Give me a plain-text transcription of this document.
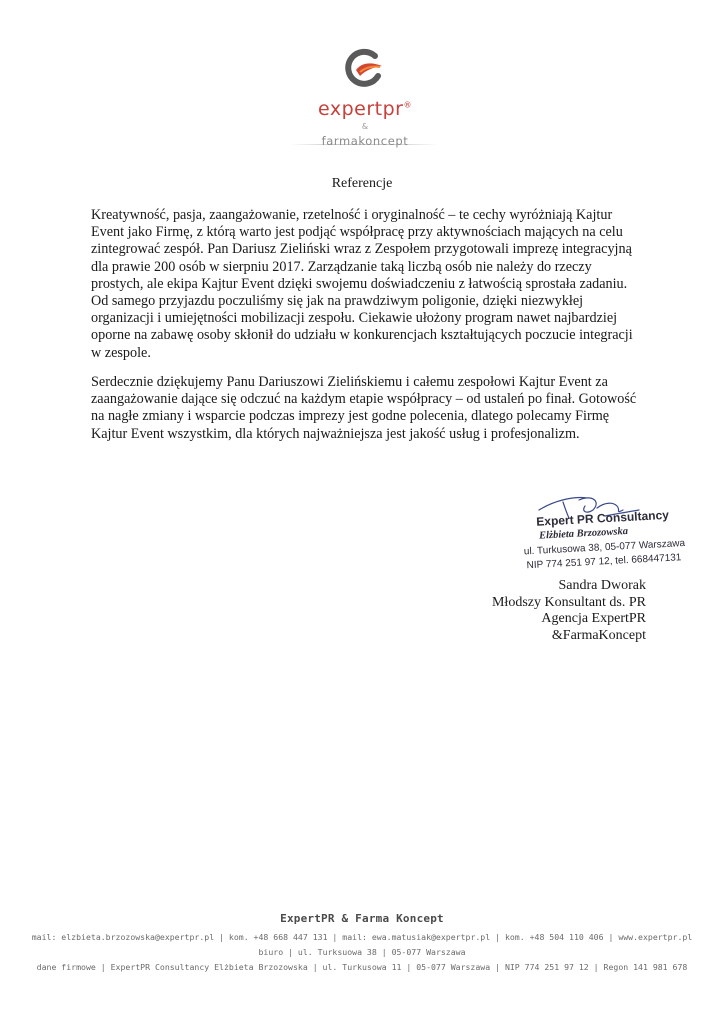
expertpr®
&
farmakoncept
Referencje

Kreatywność, pasja, zaangażowanie, rzetelność i oryginalność – te cechy wyróżniają Kajtur Event jako Firmę, z którą warto jest podjąć współpracę przy aktywnościach mających na celu zintegrować zespół. Pan Dariusz Zieliński wraz z Zespołem przygotowali imprezę integracyjną dla prawie 200 osób w sierpniu 2017. Zarządzanie taką liczbą osób nie należy do rzeczy prostych, ale ekipa Kajtur Event dzięki swojemu doświadczeniu z łatwością sprostała zadaniu. Od samego przyjazdu poczuliśmy się jak na prawdziwym poligonie, dzięki niezwykłej organizacji i umiejętności mobilizacji zespołu. Ciekawie ułożony program nawet najbardziej oporne na zabawę osoby skłonił do udziału w konkurencjach kształtujących poczucie integracji w zespole.

Serdecznie dziękujemy Panu Dariuszowi Zielińskiemu i całemu zespołowi Kajtur Event za zaangażowanie dające się odczuć na każdym etapie współpracy – od ustaleń po finał. Gotowość na nagłe zmiany i wsparcie podczas imprezy jest godne polecenia, dlatego polecamy Firmę Kajtur Event wszystkim, dla których najważniejsza jest jakość usług i profesjonalizm.

Expert PR Consultancy
Elżbieta Brzozowska
ul. Turkusowa 38, 05-077 Warszawa
NIP 774 251 97 12, tel. 668447131
Sandra Dworak
Młodszy Konsultant ds. PR
Agencja ExpertPR
&FarmaKoncept
ExpertPR & Farma Koncept
mail: elzbieta.brzozowska@expertpr.pl | kom. +48 668 447 131 | mail: ewa.matusiak@expertpr.pl | kom. +48 504 110 406 | www.expertpr.pl
biuro | ul. Turksuowa 38 | 05-077 Warszawa
dane firmowe | ExpertPR Consultancy Elżbieta Brzozowska | ul. Turkusowa 11 | 05-077 Warszawa | NIP 774 251 97 12 | Regon 141 981 678
